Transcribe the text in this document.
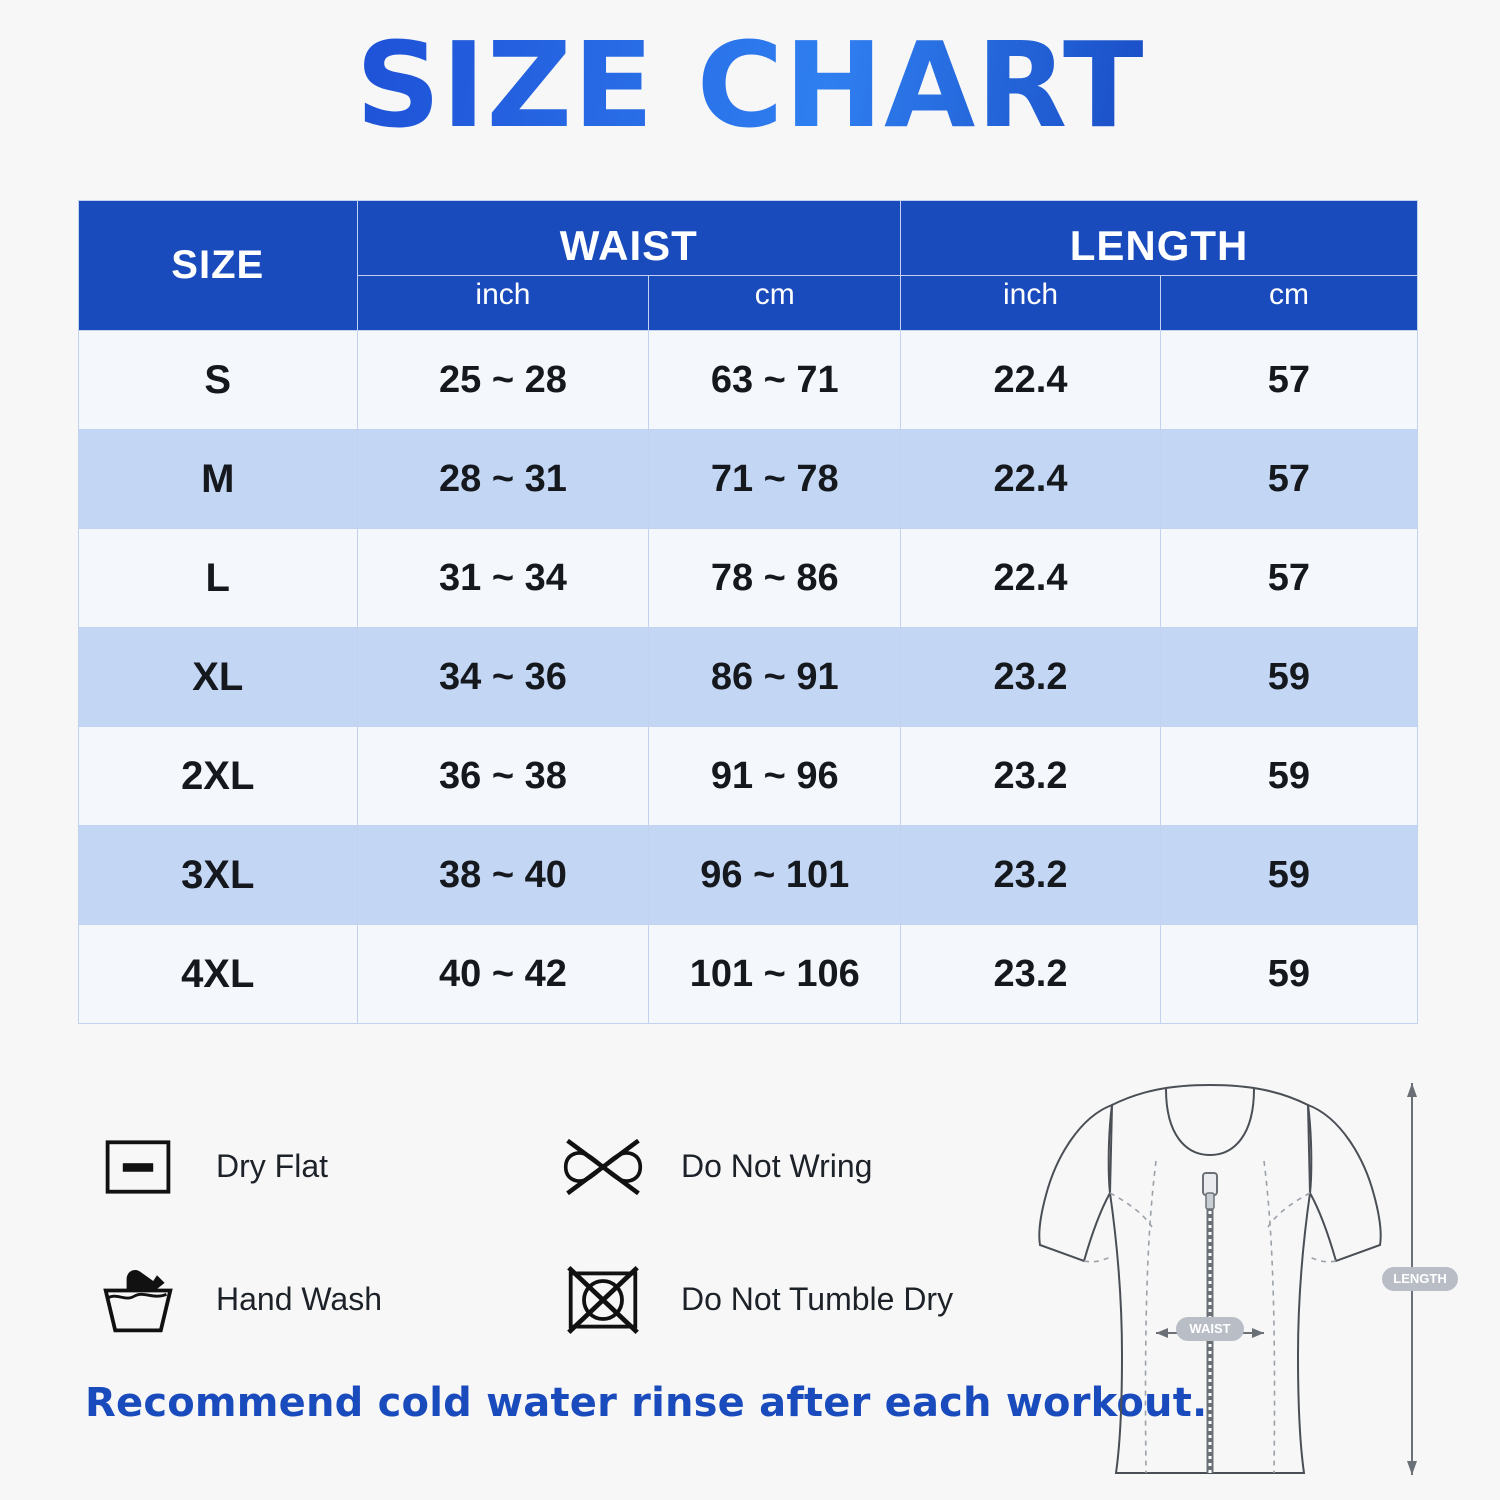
SIZE CHART
SIZE	WAIST		LENGTH	

	inch	cm	inch	cm

S	25 ~ 28	63 ~ 71	22.4	57
M	28 ~ 31	71 ~ 78	22.4	57
L	31 ~ 34	78 ~ 86	22.4	57
XL	34 ~ 36	86 ~ 91	23.2	59
2XL	36 ~ 38	91 ~ 96	23.2	59
3XL	38 ~ 40	96 ~ 101	23.2	59
4XL	40 ~ 42	101 ~ 106	23.2	59
Dry Flat	Do Not Wring
Hand Wash	Do Not Tumble Dry
Recommend cold water rinse after each workout.
WAIST
LENGTH
